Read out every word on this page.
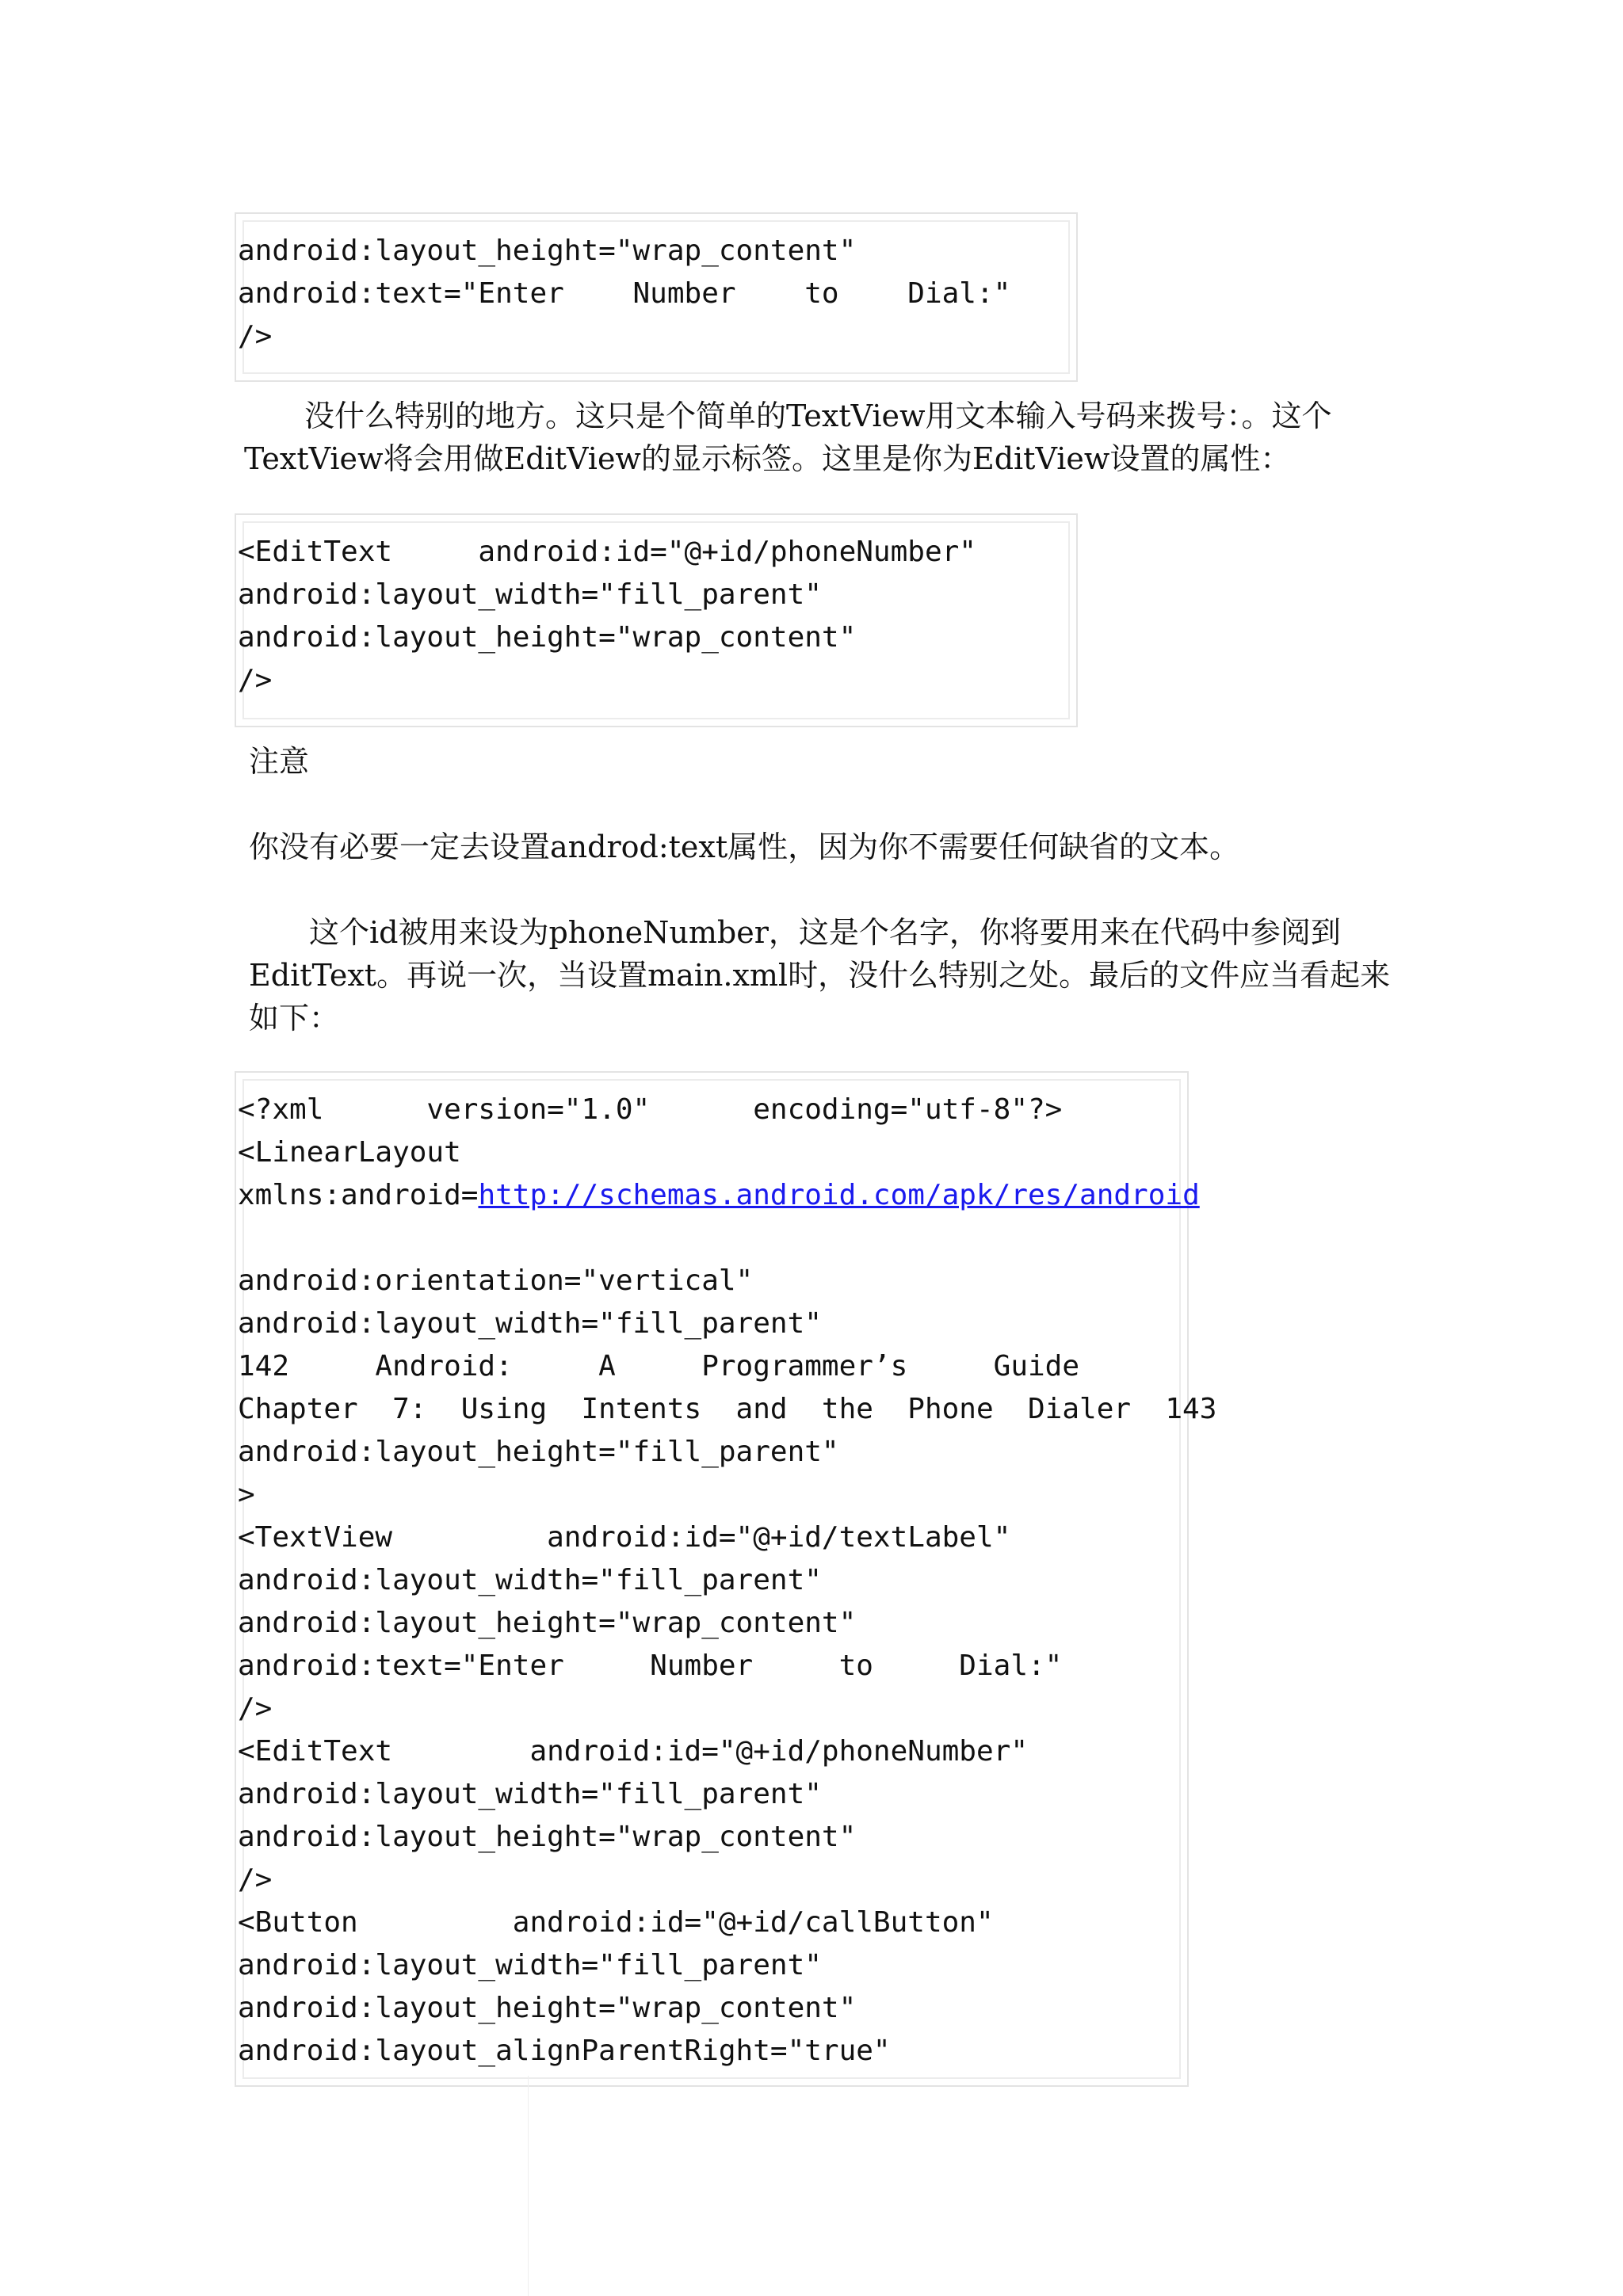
android:layout_height="wrap_content"
android:text="Enter    Number    to    Dial:"
/>
没什么特别的地方。这只是个简单的TextView用文本输入号码来拨号：。这个TextView将会用做EditView的显示标签。这里是你为EditView设置的属性：
<EditText     android:id="@+id/phoneNumber"
android:layout_width="fill_parent"
android:layout_height="wrap_content"
/>
注意
你没有必要一定去设置androd:text属性，因为你不需要任何缺省的文本。
这个id被用来设为phoneNumber，这是个名字，你将要用来在代码中参阅到EditText。再说一次，当设置main.xml时，没什么特别之处。最后的文件应当看起来如下：
<?xml      version="1.0"      encoding="utf-8"?>
<LinearLayout
xmlns:android=http://schemas.android.com/apk/res/android
android:orientation="vertical"
android:layout_width="fill_parent"
142     Android:     A     Programmer’s     Guide
Chapter  7:  Using  Intents  and  the  Phone  Dialer  143
android:layout_height="fill_parent"
>
<TextView         android:id="@+id/textLabel"
android:layout_width="fill_parent"
android:layout_height="wrap_content"
android:text="Enter     Number     to     Dial:"
/>
<EditText        android:id="@+id/phoneNumber"
android:layout_width="fill_parent"
android:layout_height="wrap_content"
/>
<Button         android:id="@+id/callButton"
android:layout_width="fill_parent"
android:layout_height="wrap_content"
android:layout_alignParentRight="true"
